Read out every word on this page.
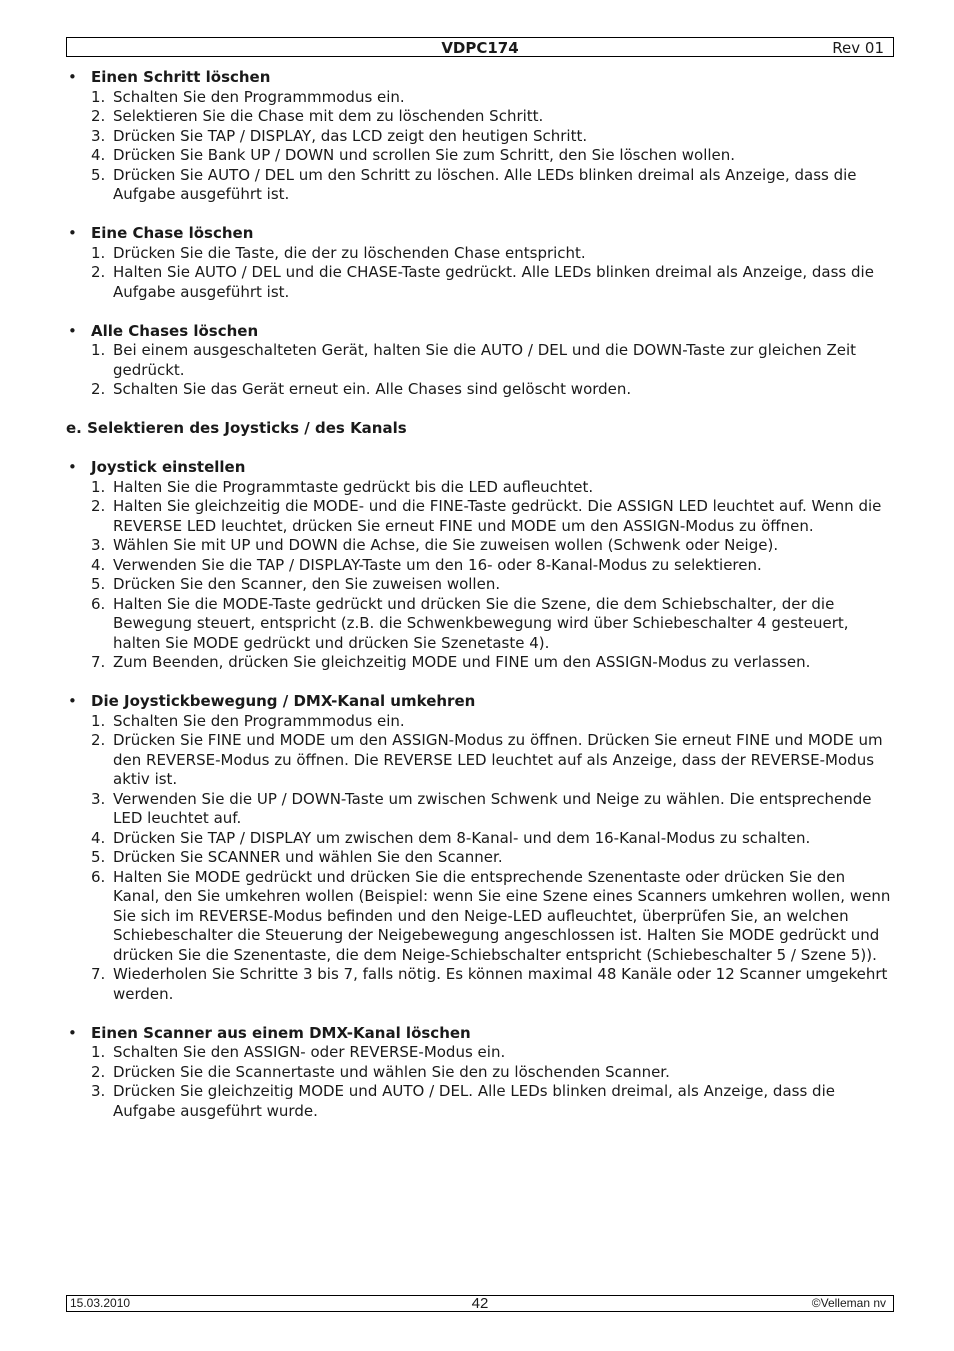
VDPC174	Rev 01
• Einen Schritt löschen
1. Schalten Sie den Programmmodus ein.
2. Selektieren Sie die Chase mit dem zu löschenden Schritt.
3. Drücken Sie TAP / DISPLAY, das LCD zeigt den heutigen Schritt.
4. Drücken Sie Bank UP / DOWN und scrollen Sie zum Schritt, den Sie löschen wollen.
5. Drücken Sie AUTO / DEL um den Schritt zu löschen. Alle LEDs blinken dreimal als Anzeige, dass die Aufgabe ausgeführt ist.
• Eine Chase löschen
1. Drücken Sie die Taste, die der zu löschenden Chase entspricht.
2. Halten Sie AUTO / DEL und die CHASE-Taste gedrückt. Alle LEDs blinken dreimal als Anzeige, dass die Aufgabe ausgeführt ist.
• Alle Chases löschen
1. Bei einem ausgeschalteten Gerät, halten Sie die AUTO / DEL und die DOWN-Taste zur gleichen Zeit gedrückt.
2. Schalten Sie das Gerät erneut ein. Alle Chases sind gelöscht worden.
e. Selektieren des Joysticks / des Kanals
• Joystick einstellen
1. Halten Sie die Programmtaste gedrückt bis die LED aufleuchtet.
2. Halten Sie gleichzeitig die MODE- und die FINE-Taste gedrückt. Die ASSIGN LED leuchtet auf. Wenn die REVERSE LED leuchtet, drücken Sie erneut FINE und MODE um den ASSIGN-Modus zu öffnen.
3. Wählen Sie mit UP und DOWN die Achse, die Sie zuweisen wollen (Schwenk oder Neige).
4. Verwenden Sie die TAP / DISPLAY-Taste um den 16- oder 8-Kanal-Modus zu selektieren.
5. Drücken Sie den Scanner, den Sie zuweisen wollen.
6. Halten Sie die MODE-Taste gedrückt und drücken Sie die Szene, die dem Schiebschalter, der die Bewegung steuert, entspricht (z.B. die Schwenkbewegung wird über Schiebeschalter 4 gesteuert, halten Sie MODE gedrückt und drücken Sie Szenetaste 4).
7. Zum Beenden, drücken Sie gleichzeitig MODE und FINE um den ASSIGN-Modus zu verlassen.
• Die Joystickbewegung / DMX-Kanal umkehren
1. Schalten Sie den Programmmodus ein.
2. Drücken Sie FINE und MODE um den ASSIGN-Modus zu öffnen. Drücken Sie erneut FINE und MODE um den REVERSE-Modus zu öffnen. Die REVERSE LED leuchtet auf als Anzeige, dass der REVERSE-Modus aktiv ist.
3. Verwenden Sie die UP / DOWN-Taste um zwischen Schwenk und Neige zu wählen. Die entsprechende LED leuchtet auf.
4. Drücken Sie TAP / DISPLAY um zwischen dem 8-Kanal- und dem 16-Kanal-Modus zu schalten.
5. Drücken Sie SCANNER und wählen Sie den Scanner.
6. Halten Sie MODE gedrückt und drücken Sie die entsprechende Szenentaste oder drücken Sie den Kanal, den Sie umkehren wollen (Beispiel: wenn Sie eine Szene eines Scanners umkehren wollen, wenn Sie sich im REVERSE-Modus befinden und den Neige-LED aufleuchtet, überprüfen Sie, an welchen Schiebeschalter die Steuerung der Neigebewegung angeschlossen ist. Halten Sie MODE gedrückt und drücken Sie die Szenentaste, die dem Neige-Schiebschalter entspricht (Schiebeschalter 5 / Szene 5)).
7. Wiederholen Sie Schritte 3 bis 7, falls nötig. Es können maximal 48 Kanäle oder 12 Scanner umgekehrt werden.
• Einen Scanner aus einem DMX-Kanal löschen
1. Schalten Sie den ASSIGN- oder REVERSE-Modus ein.
2. Drücken Sie die Scannertaste und wählen Sie den zu löschenden Scanner.
3. Drücken Sie gleichzeitig MODE und AUTO / DEL. Alle LEDs blinken dreimal, als Anzeige, dass die Aufgabe ausgeführt wurde.
15.03.2010	42	©Velleman nv
